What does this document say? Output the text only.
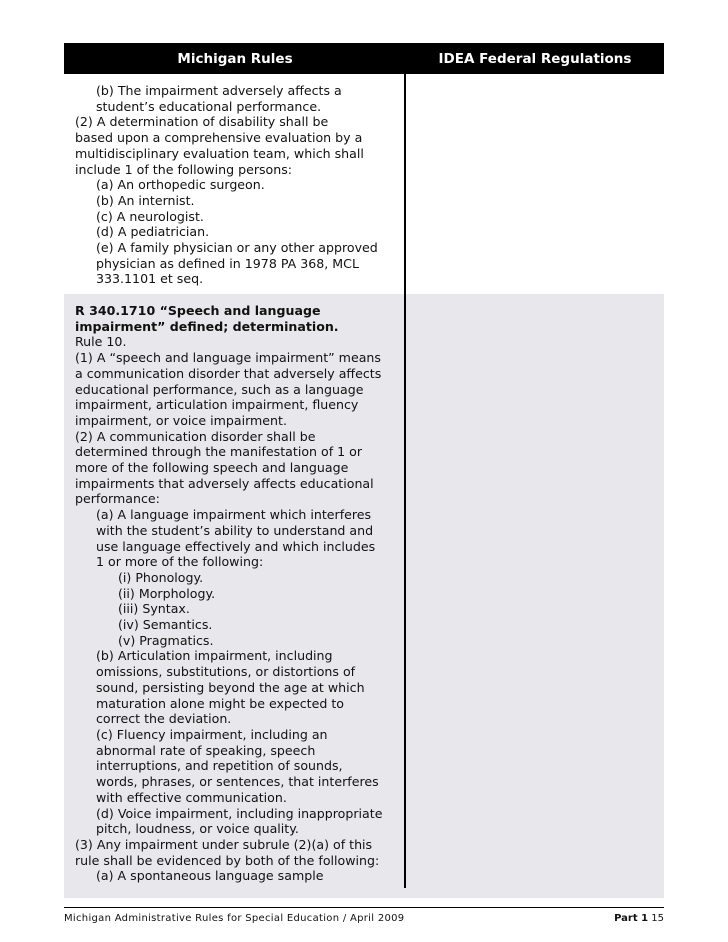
Michigan Rules	IDEA Federal Regulations
(b) The impairment adversely affects a
student’s educational performance.
(2) A determination of disability shall be
based upon a comprehensive evaluation by a
multidisciplinary evaluation team, which shall
include 1 of the following persons:
(a) An orthopedic surgeon.
(b) An internist.
(c) A neurologist.
(d) A pediatrician.
(e) A family physician or any other approved
physician as defined in 1978 PA 368, MCL
333.1101 et seq.
R 340.1710 “Speech and language
impairment” defined; determination.
Rule 10.
(1) A “speech and language impairment” means
a communication disorder that adversely affects
educational performance, such as a language
impairment, articulation impairment, fluency
impairment, or voice impairment.
(2) A communication disorder shall be
determined through the manifestation of 1 or
more of the following speech and language
impairments that adversely affects educational
performance:
(a) A language impairment which interferes
with the student’s ability to understand and
use language effectively and which includes
1 or more of the following:
(i) Phonology.
(ii) Morphology.
(iii) Syntax.
(iv) Semantics.
(v) Pragmatics.
(b) Articulation impairment, including
omissions, substitutions, or distortions of
sound, persisting beyond the age at which
maturation alone might be expected to
correct the deviation.
(c) Fluency impairment, including an
abnormal rate of speaking, speech
interruptions, and repetition of sounds,
words, phrases, or sentences, that interferes
with effective communication.
(d) Voice impairment, including inappropriate
pitch, loudness, or voice quality.
(3) Any impairment under subrule (2)(a) of this
rule shall be evidenced by both of the following:
(a) A spontaneous language sample
Michigan Administrative Rules for Special Education / April 2009	Part 1 15
